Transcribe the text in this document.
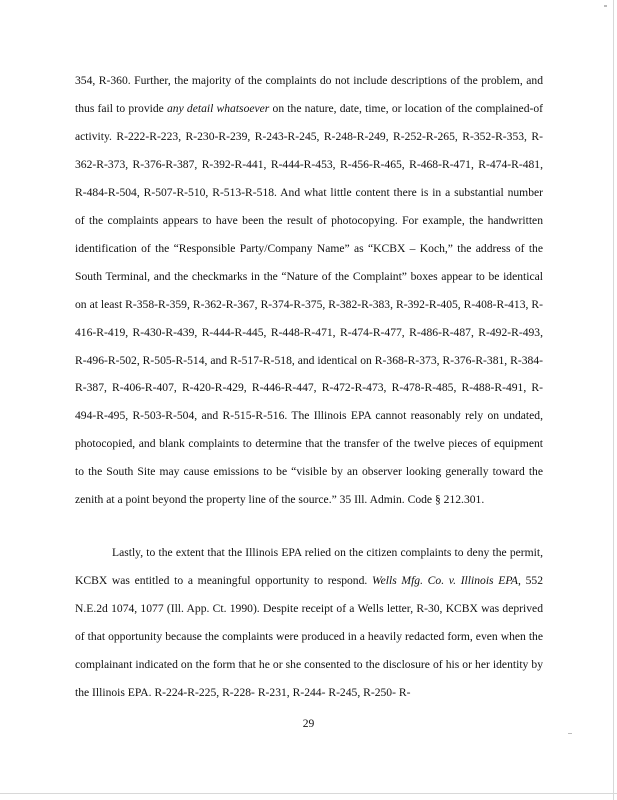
354, R-360. Further, the majority of the complaints do not include descriptions of the problem, and thus fail to provide any detail whatsoever on the nature, date, time, or location of the complained-of activity. R-222-R-223, R-230-R-239, R-243-R-245, R-248-R-249, R-252-R-265, R-352-R-353, R-362-R-373, R-376-R-387, R-392-R-441, R-444-R-453, R-456-R-465, R-468-R-471, R-474-R-481, R-484-R-504, R-507-R-510, R-513-R-518. And what little content there is in a substantial number of the complaints appears to have been the result of photocopying. For example, the handwritten identification of the “Responsible Party/Company Name” as “KCBX – Koch,” the address of the South Terminal, and the checkmarks in the “Nature of the Complaint” boxes appear to be identical on at least R-358-R-359, R-362-R-367, R-374-R-375, R-382-R-383, R-392-R-405, R-408-R-413, R-416-R-419, R-430-R-439, R-444-R-445, R-448-R-471, R-474-R-477, R-486-R-487, R-492-R-493, R-496-R-502, R-505-R-514, and R-517-R-518, and identical on R-368-R-373, R-376-R-381, R-384-R-387, R-406-R-407, R-420-R-429, R-446-R-447, R-472-R-473, R-478-R-485, R-488-R-491, R-494-R-495, R-503-R-504, and R-515-R-516. The Illinois EPA cannot reasonably rely on undated, photocopied, and blank complaints to determine that the transfer of the twelve pieces of equipment to the South Site may cause emissions to be “visible by an observer looking generally toward the zenith at a point beyond the property line of the source.” 35 Ill. Admin. Code § 212.301.

Lastly, to the extent that the Illinois EPA relied on the citizen complaints to deny the permit, KCBX was entitled to a meaningful opportunity to respond. Wells Mfg. Co. v. Illinois EPA, 552 N.E.2d 1074, 1077 (Ill. App. Ct. 1990). Despite receipt of a Wells letter, R-30, KCBX was deprived of that opportunity because the complaints were produced in a heavily redacted form, even when the complainant indicated on the form that he or she consented to the disclosure of his or her identity by the Illinois EPA. R-224-R-225, R-228- R-231, R-244- R-245, R-250- R-

29
